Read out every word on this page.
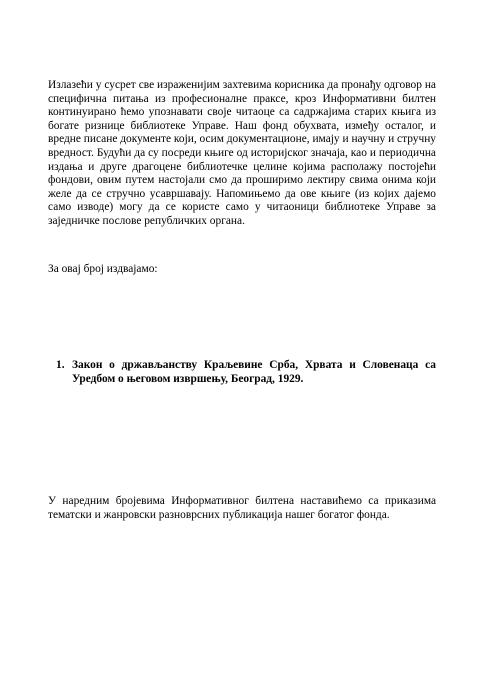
Излазећи у сусрет све израженијим захтевима корисника да пронађу одговор на специфична питања из професионалне праксе, кроз Информативни билтен континуирано ћемо упознавати своје читаоце са садржајима старих књига из богате ризнице библиотеке Управе. Наш фонд обухвата, између осталог, и вредне писане документе који, осим документационе, имају и научну и стручну вредност. Будући да су посреди књиге од историјског значаја, као и периодична издања и друге драгоцене библиотечке целине којима располажу постојећи фондови, овим путем настојали смо да проширимо лектиру свима онима који желе да се стручно усавршавају. Напомињемо да ове књиге (из којих дајемо само изводе) могу да се користе само у читаоници библиотеке Управе за заједничке послове републичких органа.

За овај број издвајамо:

1. Закон о држављанству Краљевине Срба, Хрвата и Словенаца са Уредбом о његовом извршењу, Београд, 1929.

У наредним бројевима Информативног билтена наставићемо са приказима тематски и жанровски разноврсних публикација нашег богатог фонда.
